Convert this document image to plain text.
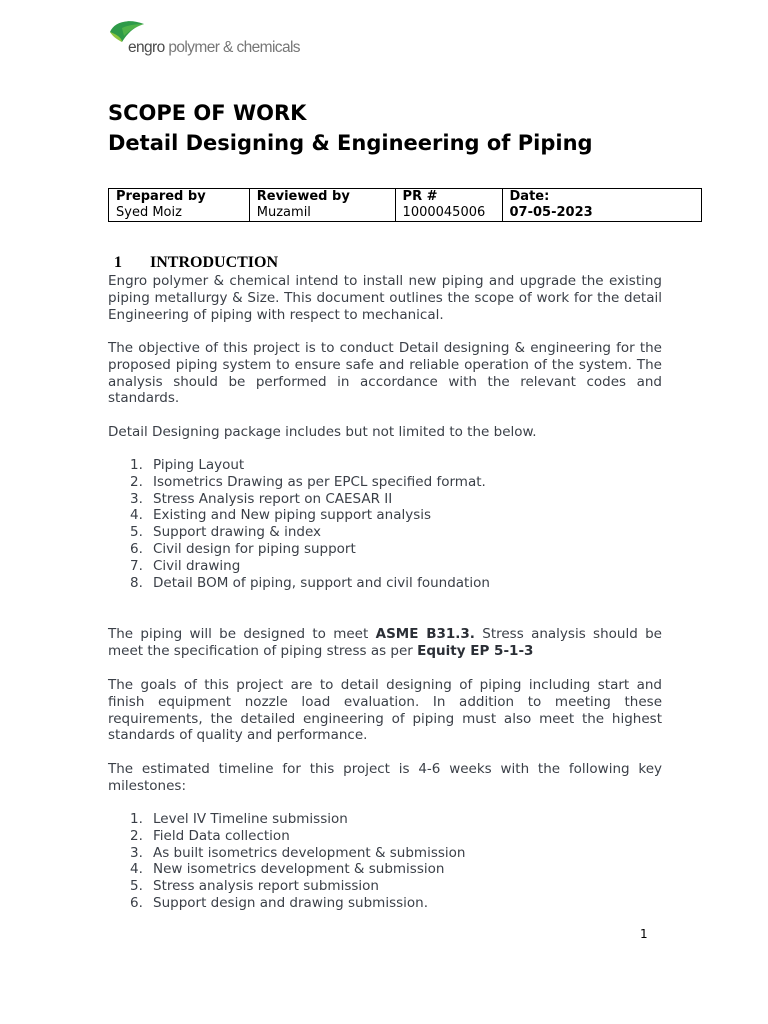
engro polymer & chemicals
SCOPE OF WORK
Detail Designing & Engineering of Piping
Prepared by	Reviewed by	PR #	Date:
Syed Moiz	Muzamil	1000045006	07-05-2023
1 INTRODUCTION
Engro polymer & chemical intend to install new piping and upgrade the existing piping metallurgy & Size. This document outlines the scope of work for the detail Engineering of piping with respect to mechanical.
The objective of this project is to conduct Detail designing & engineering for the proposed piping system to ensure safe and reliable operation of the system. The analysis should be performed in accordance with the relevant codes and standards.
Detail Designing package includes but not limited to the below.
1. Piping Layout
2. Isometrics Drawing as per EPCL specified format.
3. Stress Analysis report on CAESAR II
4. Existing and New piping support analysis
5. Support drawing & index
6. Civil design for piping support
7. Civil drawing
8. Detail BOM of piping, support and civil foundation
The piping will be designed to meet ASME B31.3. Stress analysis should be meet the specification of piping stress as per Equity EP 5-1-3
The goals of this project are to detail designing of piping including start and finish equipment nozzle load evaluation. In addition to meeting these requirements, the detailed engineering of piping must also meet the highest standards of quality and performance.
The estimated timeline for this project is 4-6 weeks with the following key milestones:
1. Level IV Timeline submission
2. Field Data collection
3. As built isometrics development & submission
4. New isometrics development & submission
5. Stress analysis report submission
6. Support design and drawing submission.
1
